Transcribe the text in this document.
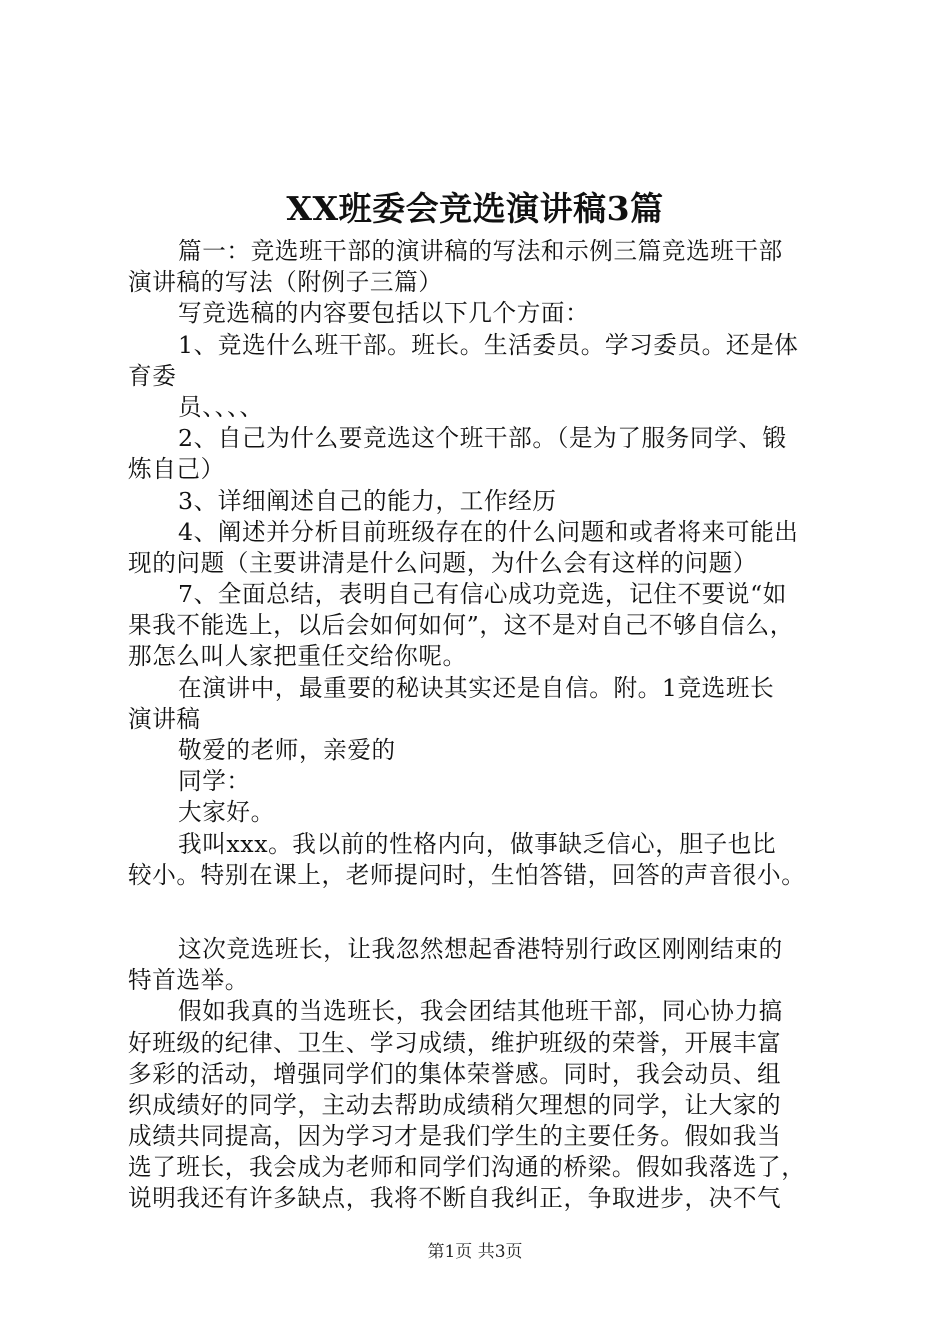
XX班委会竞选演讲稿3篇
篇一：竞选班干部的演讲稿的写法和示例三篇竞选班干部
演讲稿的写法（附例子三篇）
写竞选稿的内容要包括以下几个方面：
1、竞选什么班干部。班长。生活委员。学习委员。还是体
育委
员、、、、
2、自己为什么要竞选这个班干部。（是为了服务同学、锻
炼自己）
3、详细阐述自己的能力，工作经历
4、阐述并分析目前班级存在的什么问题和或者将来可能出
现的问题（主要讲清是什么问题，为什么会有这样的问题）
7、全面总结，表明自己有信心成功竞选，记住不要说“如
果我不能选上，以后会如何如何”，这不是对自己不够自信么，
那怎么叫人家把重任交给你呢。
在演讲中，最重要的秘诀其实还是自信。附。1竞选班长
演讲稿
敬爱的老师，亲爱的
同学：
大家好。
我叫xxx。我以前的性格内向，做事缺乏信心，胆子也比
较小。特别在课上，老师提问时，生怕答错，回答的声音很小。
这次竞选班长，让我忽然想起香港特别行政区刚刚结束的
特首选举。
假如我真的当选班长，我会团结其他班干部，同心协力搞
好班级的纪律、卫生、学习成绩，维护班级的荣誉，开展丰富
多彩的活动，增强同学们的集体荣誉感。同时，我会动员、组
织成绩好的同学，主动去帮助成绩稍欠理想的同学，让大家的
成绩共同提高，因为学习才是我们学生的主要任务。假如我当
选了班长，我会成为老师和同学们沟通的桥梁。假如我落选了，
说明我还有许多缺点，我将不断自我纠正，争取进步，决不气
第1页 共3页
